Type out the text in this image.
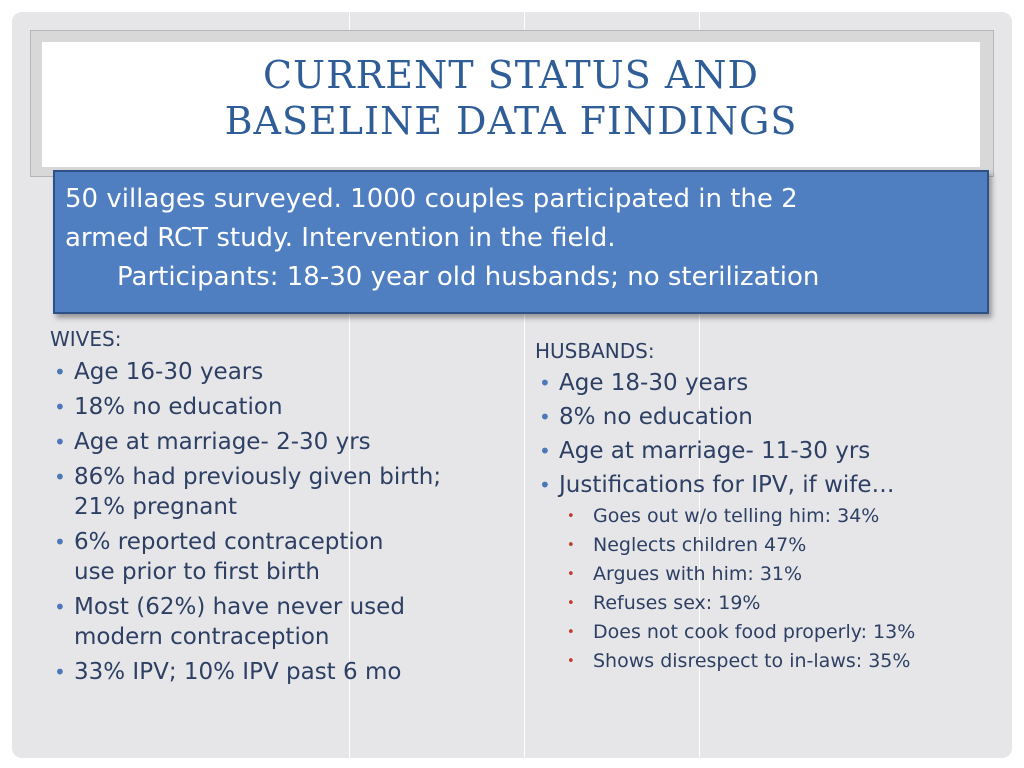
CURRENT STATUS AND
BASELINE DATA FINDINGS
50 villages surveyed. 1000 couples participated in the 2
armed RCT study. Intervention in the field.
Participants: 18-30 year old husbands; no sterilization
WIVES:
• Age 16-30 years
• 18% no education
• Age at marriage- 2-30 yrs
• 86% had previously given birth;
21% pregnant
• 6% reported contraception
use prior to first birth
• Most (62%) have never used
modern contraception
• 33% IPV; 10% IPV past 6 mo
HUSBANDS:
• Age 18-30 years
• 8% no education
• Age at marriage- 11-30 yrs
• Justifications for IPV, if wife…
• Goes out w/o telling him: 34%
• Neglects children 47%
• Argues with him: 31%
• Refuses sex: 19%
• Does not cook food properly: 13%
• Shows disrespect to in-laws: 35%
